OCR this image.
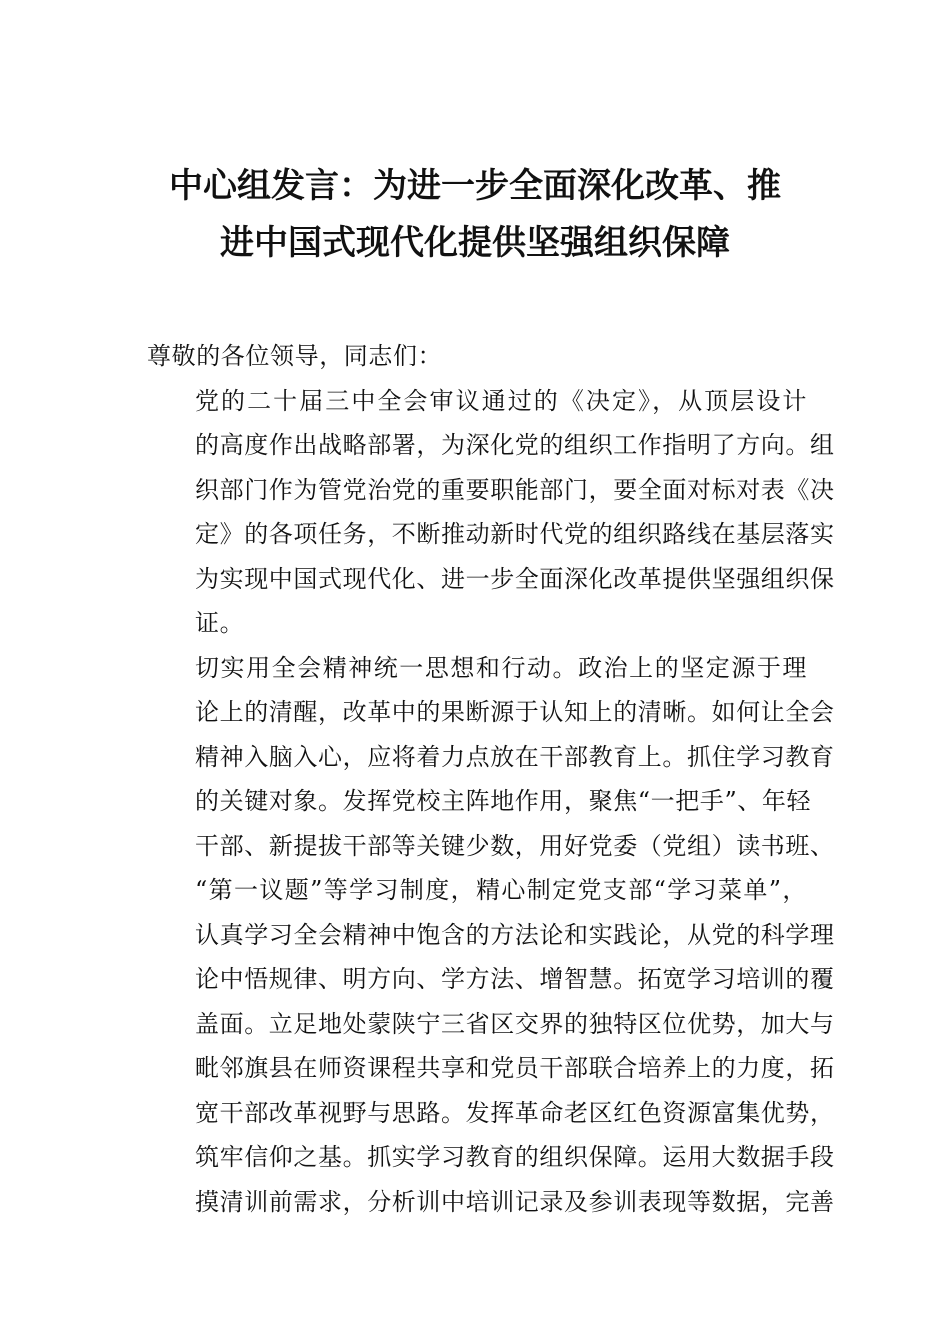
中心组发言：为进一步全面深化改革、推
进中国式现代化提供坚强组织保障

尊敬的各位领导，同志们：

党的二十届三中全会审议通过的《决定》，从顶层设计
的高度作出战略部署，为深化党的组织工作指明了方向。组
织部门作为管党治党的重要职能部门，要全面对标对表《决
定》的各项任务，不断推动新时代党的组织路线在基层落实
为实现中国式现代化、进一步全面深化改革提供坚强组织保
证。

切实用全会精神统一思想和行动。政治上的坚定源于理
论上的清醒，改革中的果断源于认知上的清晰。如何让全会
精神入脑入心，应将着力点放在干部教育上。抓住学习教育
的关键对象。发挥党校主阵地作用，聚焦“一把手”、年轻
干部、新提拔干部等关键少数，用好党委（党组）读书班、
“第一议题”等学习制度，精心制定党支部“学习菜单”，
认真学习全会精神中饱含的方法论和实践论，从党的科学理
论中悟规律、明方向、学方法、增智慧。拓宽学习培训的覆
盖面。立足地处蒙陕宁三省区交界的独特区位优势，加大与
毗邻旗县在师资课程共享和党员干部联合培养上的力度，拓
宽干部改革视野与思路。发挥革命老区红色资源富集优势，
筑牢信仰之基。抓实学习教育的组织保障。运用大数据手段
摸清训前需求，分析训中培训记录及参训表现等数据，完善
